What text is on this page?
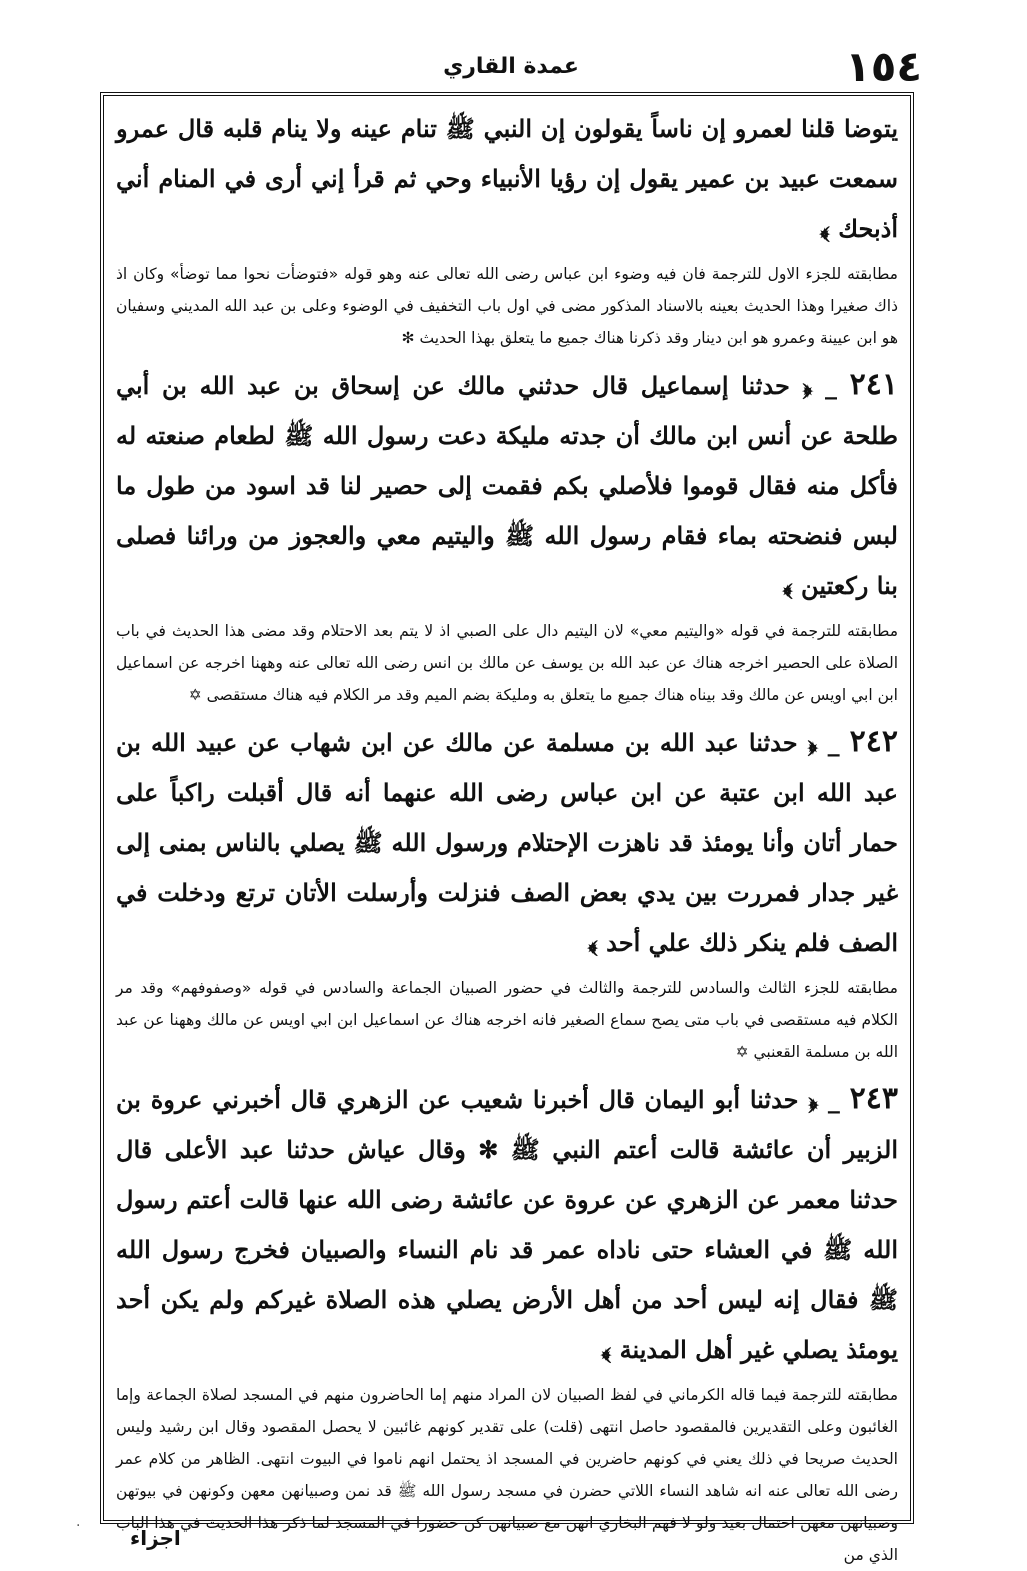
١٥٤
عمدة القاري
يتوضا قلنا لعمرو إن ناساً يقولون إن النبي ﷺ تنام عينه ولا ينام قلبه قال عمرو سمعت عبيد بن عمير يقول إن رؤيا الأنبياء وحي ثم قرأ إني أرى في المنام أني أذبحك ﴾
مطابقته للجزء الاول للترجمة فان فيه وضوء ابن عباس رضى الله تعالى عنه وهو قوله «فتوضأت نحوا مما توضأ» وكان اذ ذاك صغيرا وهذا الحديث بعينه بالاسناد المذكور مضى في اول باب التخفيف في الوضوء وعلى بن عبد الله المديني وسفيان هو ابن عيينة وعمرو هو ابن دينار وقد ذكرنا هناك جميع ما يتعلق بهذا الحديث ✻
٢٤١ _ ﴿ حدثنا إسماعيل قال حدثني مالك عن إسحاق بن عبد الله بن أبي طلحة عن أنس ابن مالك أن جدته مليكة دعت رسول الله ﷺ لطعام صنعته له فأكل منه فقال قوموا فلأصلي بكم فقمت إلى حصير لنا قد اسود من طول ما لبس فنضحته بماء فقام رسول الله ﷺ واليتيم معي والعجوز من ورائنا فصلى بنا ركعتين ﴾
مطابقته للترجمة في قوله «واليتيم معي» لان اليتيم دال على الصبي اذ لا يتم بعد الاحتلام وقد مضى هذا الحديث في باب الصلاة على الحصير اخرجه هناك عن عبد الله بن يوسف عن مالك بن انس رضى الله تعالى عنه وههنا اخرجه عن اسماعيل ابن ابي اويس عن مالك وقد بيناه هناك جميع ما يتعلق به ومليكة بضم الميم وقد مر الكلام فيه هناك مستقصى ✡
٢٤٢ _ ﴿ حدثنا عبد الله بن مسلمة عن مالك عن ابن شهاب عن عبيد الله بن عبد الله ابن عتبة عن ابن عباس رضى الله عنهما أنه قال أقبلت راكباً على حمار أتان وأنا يومئذ قد ناهزت الإحتلام ورسول الله ﷺ يصلي بالناس بمنى إلى غير جدار فمررت بين يدي بعض الصف فنزلت وأرسلت الأتان ترتع ودخلت في الصف فلم ينكر ذلك علي أحد ﴾
مطابقته للجزء الثالث والسادس للترجمة والثالث في حضور الصبيان الجماعة والسادس في قوله «وصفوفهم» وقد مر الكلام فيه مستقصى في باب متى يصح سماع الصغير فانه اخرجه هناك عن اسماعيل ابن ابي اويس عن مالك وههنا عن عبد الله بن مسلمة القعنبي ✡
٢٤٣ _ ﴿ حدثنا أبو اليمان قال أخبرنا شعيب عن الزهري قال أخبرني عروة بن الزبير أن عائشة قالت أعتم النبي ﷺ ✻ وقال عياش حدثنا عبد الأعلى قال حدثنا معمر عن الزهري عن عروة عن عائشة رضى الله عنها قالت أعتم رسول الله ﷺ في العشاء حتى ناداه عمر قد نام النساء والصبيان فخرج رسول الله ﷺ فقال إنه ليس أحد من أهل الأرض يصلي هذه الصلاة غيركم ولم يكن أحد يومئذ يصلي غير أهل المدينة ﴾
مطابقته للترجمة فيما قاله الكرماني في لفظ الصبيان لان المراد منهم إما الحاضرون منهم في المسجد لصلاة الجماعة وإما الغائبون وعلى التقديرين فالمقصود حاصل انتهى (قلت) على تقدير كونهم غائبين لا يحصل المقصود وقال ابن رشيد وليس الحديث صريحا في ذلك يعني في كونهم حاضرين في المسجد اذ يحتمل انهم ناموا في البيوت انتهى. الظاهر من كلام عمر رضى الله تعالى عنه انه شاهد النساء اللاتي حضرن في مسجد رسول الله ﷺ قد نمن وصبيانهن معهن وكونهن في بيوتهن وصبيانهن معهن احتمال بعيد ولو لا فهم البخاري انهن مع صبيانهن كن حضورا في المسجد لما ذكر هذا الحديث في هذا الباب الذي من
· اجزاء
